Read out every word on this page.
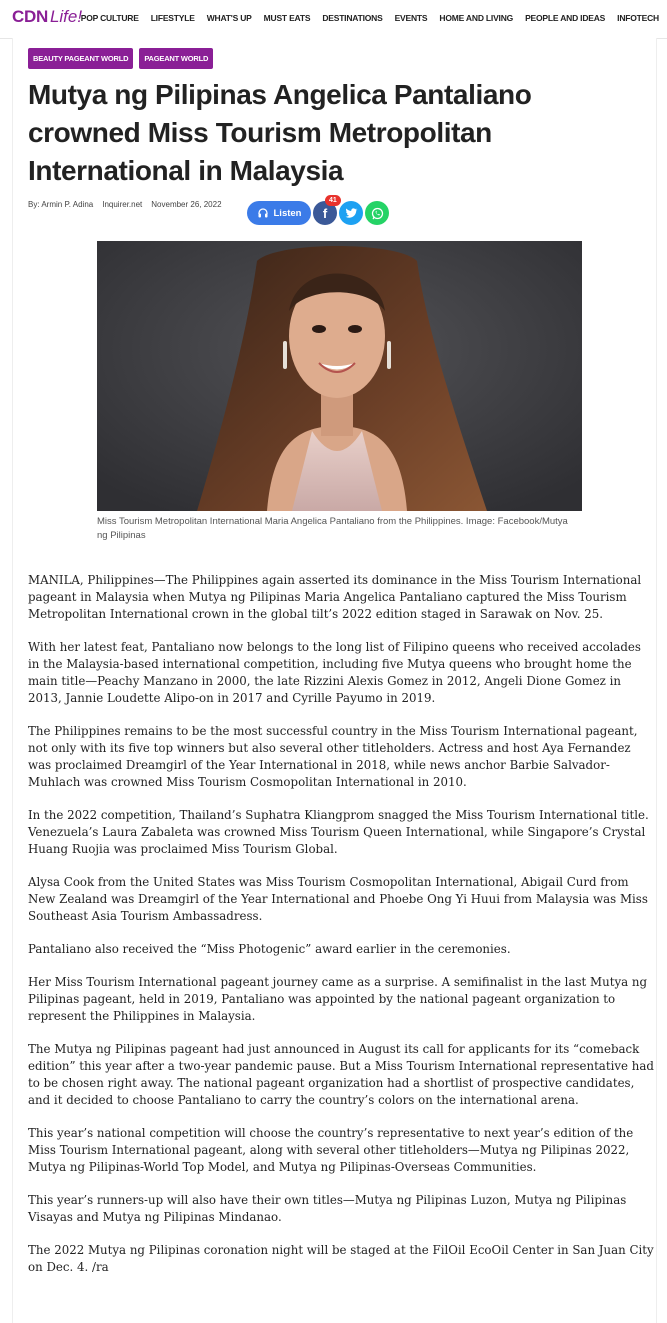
CDN Life!
POP CULTURE LIFESTYLE WHAT'S UP MUST EATS DESTINATIONS EVENTS HOME AND LIVING PEOPLE AND IDEAS INFOTECH
BEAUTY PAGEANT WORLD	PAGEANT WORLD
Mutya ng Pilipinas Angelica Pantaliano crowned Miss Tourism Metropolitan International in Malaysia
By: Armin P. Adina Inquirer.net November 26, 2022
Listen f
41
Miss Tourism Metropolitan International Maria Angelica Pantaliano from the Philippines. Image: Facebook/Mutya ng Pilipinas

MANILA, Philippines—The Philippines again asserted its dominance in the Miss Tourism International pageant in Malaysia when Mutya ng Pilipinas Maria Angelica Pantaliano captured the Miss Tourism Metropolitan International crown in the global tilt’s 2022 edition staged in Sarawak on Nov. 25.

With her latest feat, Pantaliano now belongs to the long list of Filipino queens who received accolades in the Malaysia-based international competition, including five Mutya queens who brought home the main title—Peachy Manzano in 2000, the late Rizzini Alexis Gomez in 2012, Angeli Dione Gomez in 2013, Jannie Loudette Alipo-on in 2017 and Cyrille Payumo in 2019.

The Philippines remains to be the most successful country in the Miss Tourism International pageant, not only with its five top winners but also several other titleholders. Actress and host Aya Fernandez was proclaimed Dreamgirl of the Year International in 2018, while news anchor Barbie Salvador-Muhlach was crowned Miss Tourism Cosmopolitan International in 2010.

In the 2022 competition, Thailand’s Suphatra Kliangprom snagged the Miss Tourism International title. Venezuela’s Laura Zabaleta was crowned Miss Tourism Queen International, while Singapore’s Crystal Huang Ruojia was proclaimed Miss Tourism Global.

Alysa Cook from the United States was Miss Tourism Cosmopolitan International, Abigail Curd from New Zealand was Dreamgirl of the Year International and Phoebe Ong Yi Huui from Malaysia was Miss Southeast Asia Tourism Ambassadress.

Pantaliano also received the “Miss Photogenic” award earlier in the ceremonies.

Her Miss Tourism International pageant journey came as a surprise. A semifinalist in the last Mutya ng Pilipinas pageant, held in 2019, Pantaliano was appointed by the national pageant organization to represent the Philippines in Malaysia.

The Mutya ng Pilipinas pageant had just announced in August its call for applicants for its “comeback edition” this year after a two-year pandemic pause. But a Miss Tourism International representative had to be chosen right away. The national pageant organization had a shortlist of prospective candidates, and it decided to choose Pantaliano to carry the country’s colors on the international arena.

This year’s national competition will choose the country’s representative to next year’s edition of the Miss Tourism International pageant, along with several other titleholders—Mutya ng Pilipinas 2022, Mutya ng Pilipinas-World Top Model, and Mutya ng Pilipinas-Overseas Communities.

This year’s runners-up will also have their own titles—Mutya ng Pilipinas Luzon, Mutya ng Pilipinas Visayas and Mutya ng Pilipinas Mindanao.

The 2022 Mutya ng Pilipinas coronation night will be staged at the FilOil EcoOil Center in San Juan City on Dec. 4. /ra
